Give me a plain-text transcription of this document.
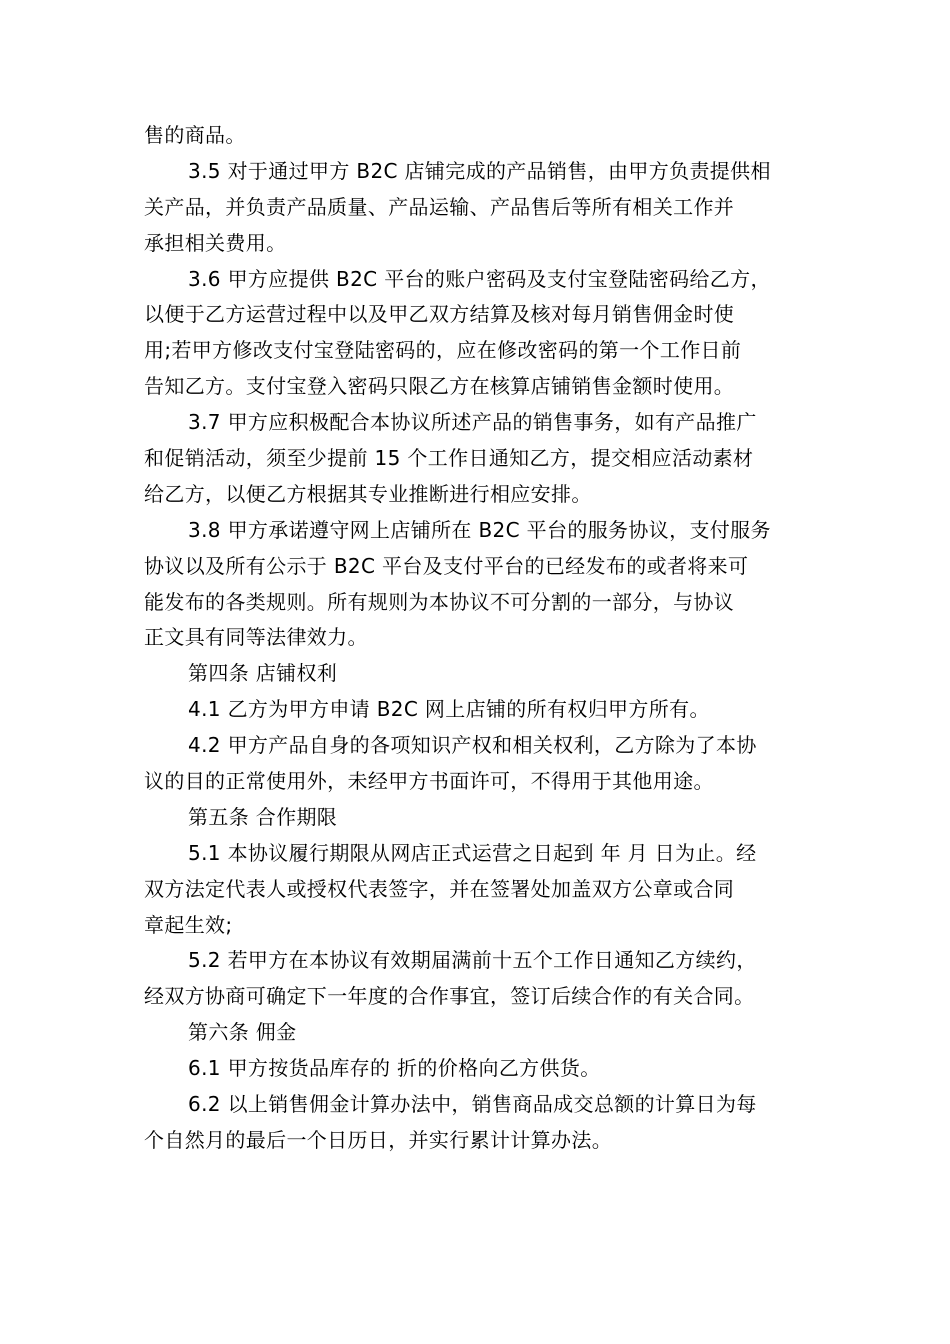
售的商品。
3.5 对于通过甲方 B2C 店铺完成的产品销售，由甲方负责提供相
关产品，并负责产品质量、产品运输、产品售后等所有相关工作并
承担相关费用。
3.6 甲方应提供 B2C 平台的账户密码及支付宝登陆密码给乙方，
以便于乙方运营过程中以及甲乙双方结算及核对每月销售佣金时使
用;若甲方修改支付宝登陆密码的，应在修改密码的第一个工作日前
告知乙方。支付宝登入密码只限乙方在核算店铺销售金额时使用。
3.7 甲方应积极配合本协议所述产品的销售事务，如有产品推广
和促销活动，须至少提前 15 个工作日通知乙方，提交相应活动素材
给乙方，以便乙方根据其专业推断进行相应安排。
3.8 甲方承诺遵守网上店铺所在 B2C 平台的服务协议，支付服务
协议以及所有公示于 B2C 平台及支付平台的已经发布的或者将来可
能发布的各类规则。所有规则为本协议不可分割的一部分，与协议
正文具有同等法律效力。
第四条 店铺权利
4.1 乙方为甲方申请 B2C 网上店铺的所有权归甲方所有。
4.2 甲方产品自身的各项知识产权和相关权利，乙方除为了本协
议的目的正常使用外，未经甲方书面许可，不得用于其他用途。
第五条 合作期限
5.1 本协议履行期限从网店正式运营之日起到 年 月 日为止。经
双方法定代表人或授权代表签字，并在签署处加盖双方公章或合同
章起生效;
5.2 若甲方在本协议有效期届满前十五个工作日通知乙方续约，
经双方协商可确定下一年度的合作事宜，签订后续合作的有关合同。
第六条 佣金
6.1 甲方按货品库存的 折的价格向乙方供货。
6.2 以上销售佣金计算办法中，销售商品成交总额的计算日为每
个自然月的最后一个日历日，并实行累计计算办法。
